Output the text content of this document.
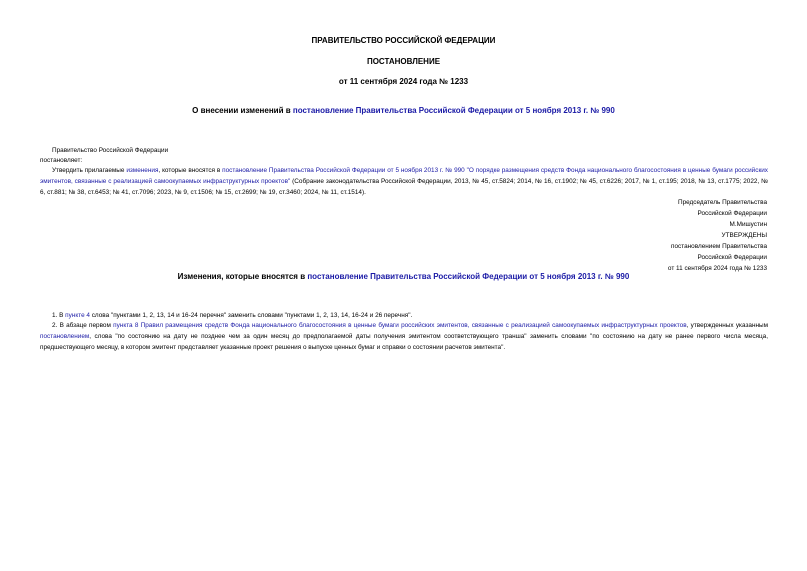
ПРАВИТЕЛЬСТВО РОССИЙСКОЙ ФЕДЕРАЦИИ
ПОСТАНОВЛЕНИЕ
от 11 сентября 2024 года № 1233
О внесении изменений в постановление Правительства Российской Федерации от 5 ноября 2013 г. № 990
Правительство Российской Федерации
постановляет:
Утвердить прилагаемые изменения, которые вносятся в постановление Правительства Российской Федерации от 5 ноября 2013 г. № 990 "О порядке размещения средств Фонда национального благосостояния в ценные бумаги российских эмитентов, связанные с реализацией самоокупаемых инфраструктурных проектов" (Собрание законодательства Российской Федерации, 2013, № 45, ст.5824; 2014, № 16, ст.1902; № 45, ст.6226; 2017, № 1, ст.195; 2018, № 13, ст.1775; 2022, № 6, ст.881; № 38, ст.6453; № 41, ст.7096; 2023, № 9, ст.1506; № 15, ст.2699; № 19, ст.3460; 2024, № 11, ст.1514).
Председатель Правительства
Российской Федерации
М.Мишустин
УТВЕРЖДЕНЫ
постановлением Правительства
Российской Федерации
от 11 сентября 2024 года № 1233
Изменения, которые вносятся в постановление Правительства Российской Федерации от 5 ноября 2013 г. № 990
1. В пункте 4 слова "пунктами 1, 2, 13, 14 и 16-24 перечня" заменить словами "пунктами 1, 2, 13, 14, 16-24 и 26 перечня".
2. В абзаце первом пункта 8 Правил размещения средств Фонда национального благосостояния в ценные бумаги российских эмитентов, связанные с реализацией самоокупаемых инфраструктурных проектов, утвержденных указанным постановлением, слова "по состоянию на дату не позднее чем за один месяц до предполагаемой даты получения эмитентом соответствующего транша" заменить словами "по состоянию на дату не ранее первого числа месяца, предшествующего месяцу, в котором эмитент представляет указанные проект решения о выпуске ценных бумаг и справки о состоянии расчетов эмитента".
